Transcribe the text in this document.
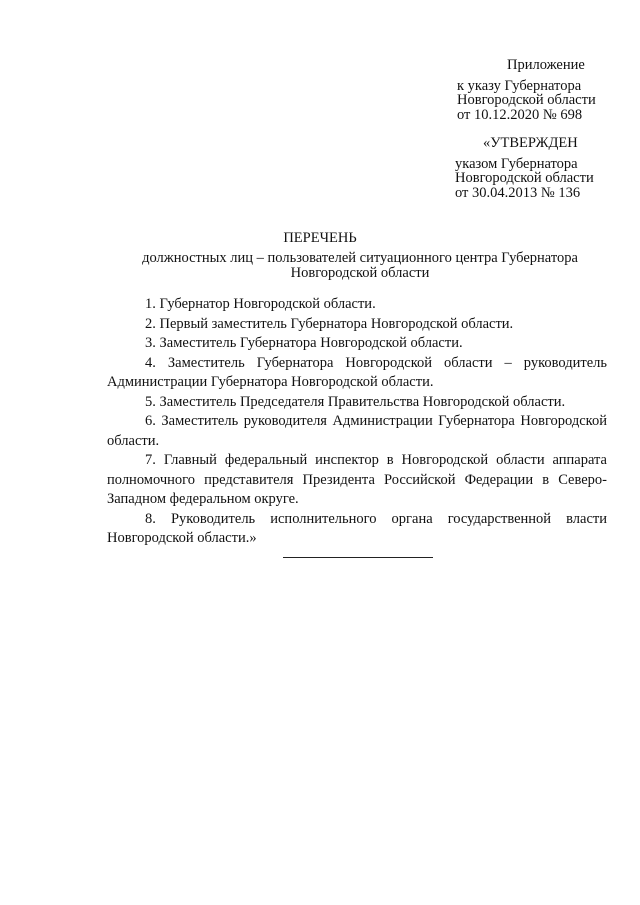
Приложение
к указу Губернатора
Новгородской области
от 10.12.2020 № 698
«УТВЕРЖДЕН
указом Губернатора
Новгородской области
от 30.04.2013 № 136
ПЕРЕЧЕНЬ
должностных лиц – пользователей ситуационного центра Губернатора
Новгородской области
1. Губернатор Новгородской области.
2. Первый заместитель Губернатора Новгородской области.
3. Заместитель Губернатора Новгородской области.
4. Заместитель Губернатора Новгородской области – руководитель Администрации Губернатора Новгородской области.
5. Заместитель Председателя Правительства Новгородской области.
6. Заместитель руководителя Администрации Губернатора Новгородской области.
7. Главный федеральный инспектор в Новгородской области аппарата полномочного представителя Президента Российской Федерации в Северо-Западном федеральном округе.
8. Руководитель исполнительного органа государственной власти Новгородской области.»
